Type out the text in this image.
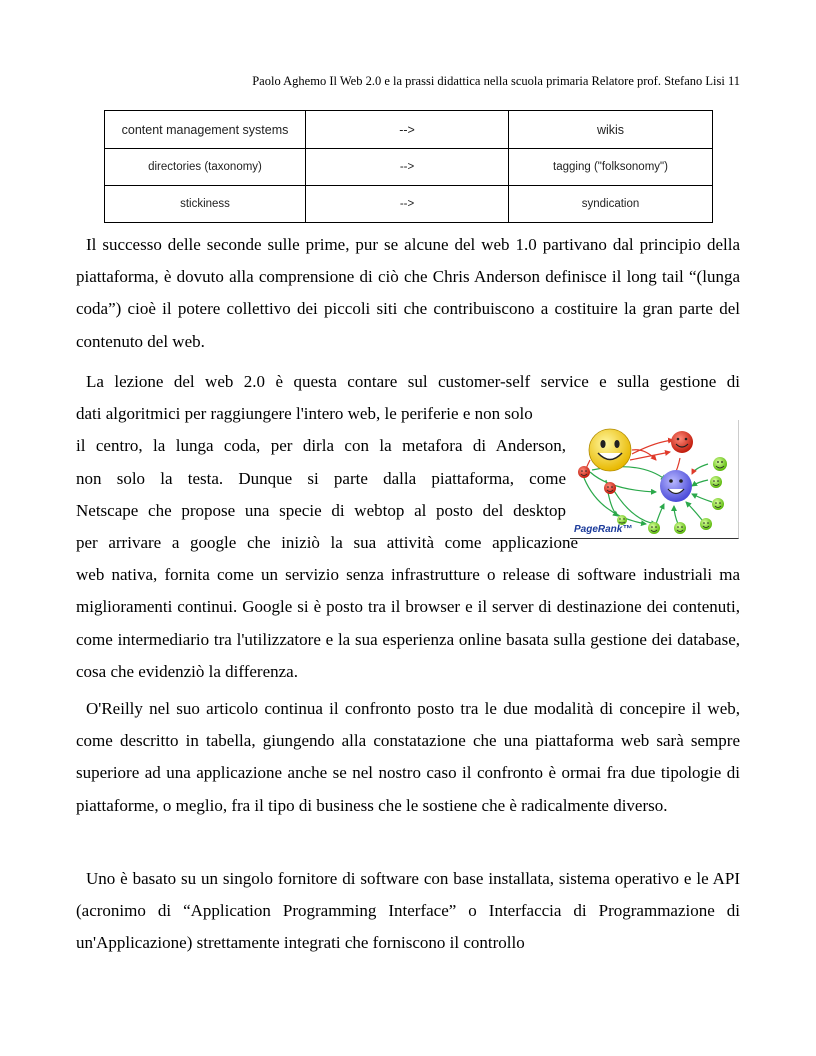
Paolo Aghemo Il Web 2.0 e la prassi didattica nella scuola primaria Relatore prof. Stefano Lisi 11
content management systems	-->	wikis
directories (taxonomy)	-->	tagging ("folksonomy")
stickiness	-->	syndication

Il successo delle seconde sulle prime, pur se alcune del web 1.0 partivano dal principio della piattaforma, è dovuto alla comprensione di ciò che Chris Anderson definisce il long tail “(lunga coda”) cioè il potere collettivo dei piccoli siti che contribuiscono a costituire la gran parte del contenuto del web.

La lezione del web 2.0 è questa contare sul customer-self service e sulla gestione di
dati algoritmici per raggiungere l'intero web, le periferie e non solo
il centro, la lunga coda, per dirla con la metafora di Anderson,
non solo la testa. Dunque si parte dalla piattaforma, come
Netscape che propose una specie di webtop al posto del desktop
per arrivare a google che iniziò la sua attività come applicazione

web nativa, fornita come un servizio senza infrastrutture o release di software industriali ma miglioramenti continui. Google si è posto tra il browser e il server di destinazione dei contenuti, come intermediario tra l'utilizzatore e la sua esperienza online basata sulla gestione dei database, cosa che evidenziò la differenza.

O'Reilly nel suo articolo continua il confronto posto tra le due modalità di concepire il web, come descritto in tabella, giungendo alla constatazione che una piattaforma web sarà sempre superiore ad una applicazione anche se nel nostro caso il confronto è ormai fra due tipologie di piattaforme, o meglio, fra il tipo di business che le sostiene che è radicalmente diverso.

Uno è basato su un singolo fornitore di software con base installata, sistema operativo e le API (acronimo di “Application Programming Interface” o Interfaccia di Programmazione di un'Applicazione) strettamente integrati che forniscono il controllo

PageRank™
